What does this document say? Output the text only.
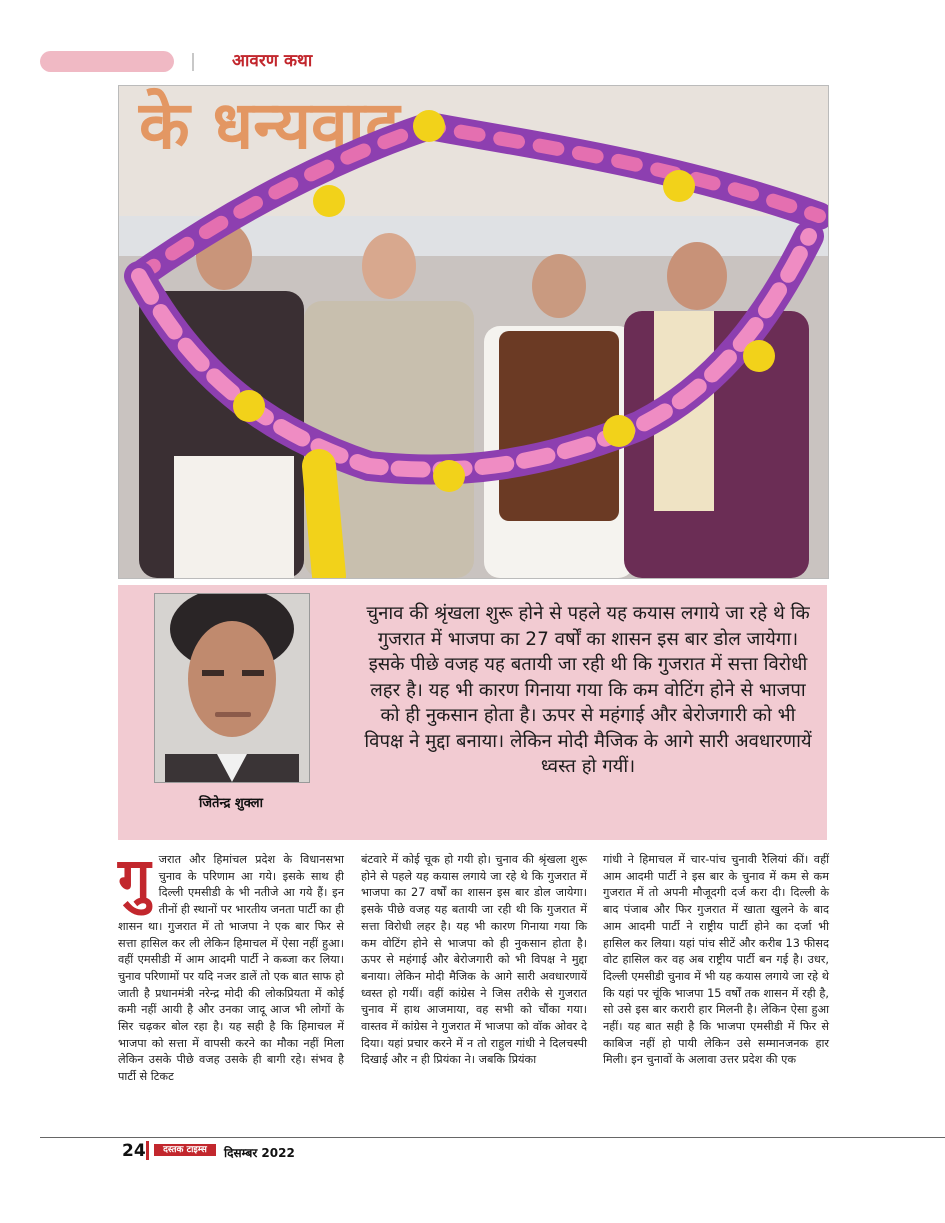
आवरण कथा
के धन्यवाद
जितेन्द्र शुक्ला

चुनाव की श्रृंखला शुरू होने से पहले यह कयास लगाये जा रहे थे कि गुजरात में भाजपा का 27 वर्षों का शासन इस बार डोल जायेगा। इसके पीछे वजह यह बतायी जा रही थी कि गुजरात में सत्ता विरोधी लहर है। यह भी कारण गिनाया गया कि कम वोटिंग होने से भाजपा को ही नुकसान होता है। ऊपर से महंगाई और बेरोजगारी को भी विपक्ष ने मुद्दा बनाया। लेकिन मोदी मैजिक के आगे सारी अवधारणायें ध्वस्त हो गयीं।

गुजरात और हिमांचल प्रदेश के विधानसभा चुनाव के परिणाम आ गये। इसके साथ ही दिल्ली एमसीडी के भी नतीजे आ गये हैं। इन तीनों ही स्थानों पर भारतीय जनता पार्टी का ही शासन था। गुजरात में तो भाजपा ने एक बार फिर से सत्ता हासिल कर ली लेकिन हिमाचल में ऐसा नहीं हुआ। वहीं एमसीडी में आम आदमी पार्टी ने कब्जा कर लिया। चुनाव परिणामों पर यदि नजर डालें तो एक बात साफ हो जाती है प्रधानमंत्री नरेन्द्र मोदी की लोकप्रियता में कोई कमी नहीं आयी है और उनका जादू आज भी लोगों के सिर चढ़कर बोल रहा है। यह सही है कि हिमाचल में भाजपा को सत्ता में वापसी करने का मौका नहीं मिला लेकिन उसके पीछे वजह उसके ही बागी रहे। संभव है पार्टी से टिकट

बंटवारे में कोई चूक हो गयी हो। चुनाव की श्रृंखला शुरू होने से पहले यह कयास लगाये जा रहे थे कि गुजरात में भाजपा का 27 वर्षों का शासन इस बार डोल जायेगा। इसके पीछे वजह यह बतायी जा रही थी कि गुजरात में सत्ता विरोधी लहर है। यह भी कारण गिनाया गया कि कम वोटिंग होने से भाजपा को ही नुकसान होता है। ऊपर से महंगाई और बेरोजगारी को भी विपक्ष ने मुद्दा बनाया। लेकिन मोदी मैजिक के आगे सारी अवधारणायें ध्वस्त हो गयीं। वहीं कांग्रेस ने जिस तरीके से गुजरात चुनाव में हाथ आजमाया, वह सभी को चौंका गया। वास्तव में कांग्रेस ने गुजरात में भाजपा को वॉक ओवर दे दिया। यहां प्रचार करने में न तो राहुल गांधी ने दिलचस्पी दिखाई और न ही प्रियंका ने। जबकि प्रियंका

गांधी ने हिमाचल में चार-पांच चुनावी रैलियां कीं। वहीं आम आदमी पार्टी ने इस बार के चुनाव में कम से कम गुजरात में तो अपनी मौजूदगी दर्ज करा दी। दिल्ली के बाद पंजाब और फिर गुजरात में खाता खुलने के बाद आम आदमी पार्टी ने राष्ट्रीय पार्टी होने का दर्जा भी हासिल कर लिया। यहां पांच सीटें और करीब 13 फीसद वोट हासिल कर वह अब राष्ट्रीय पार्टी बन गई है। उधर, दिल्ली एमसीडी चुनाव में भी यह कयास लगाये जा रहे थे कि यहां पर चूंकि भाजपा 15 वर्षों तक शासन में रही है, सो उसे इस बार करारी हार मिलनी है। लेकिन ऐसा हुआ नहीं। यह बात सही है कि भाजपा एमसीडी में फिर से काबिज नहीं हो पायी लेकिन उसे सम्मानजनक हार मिली। इन चुनावों के अलावा उत्तर प्रदेश की एक

24	दस्तक टाइम्स	दिसम्बर 2022
